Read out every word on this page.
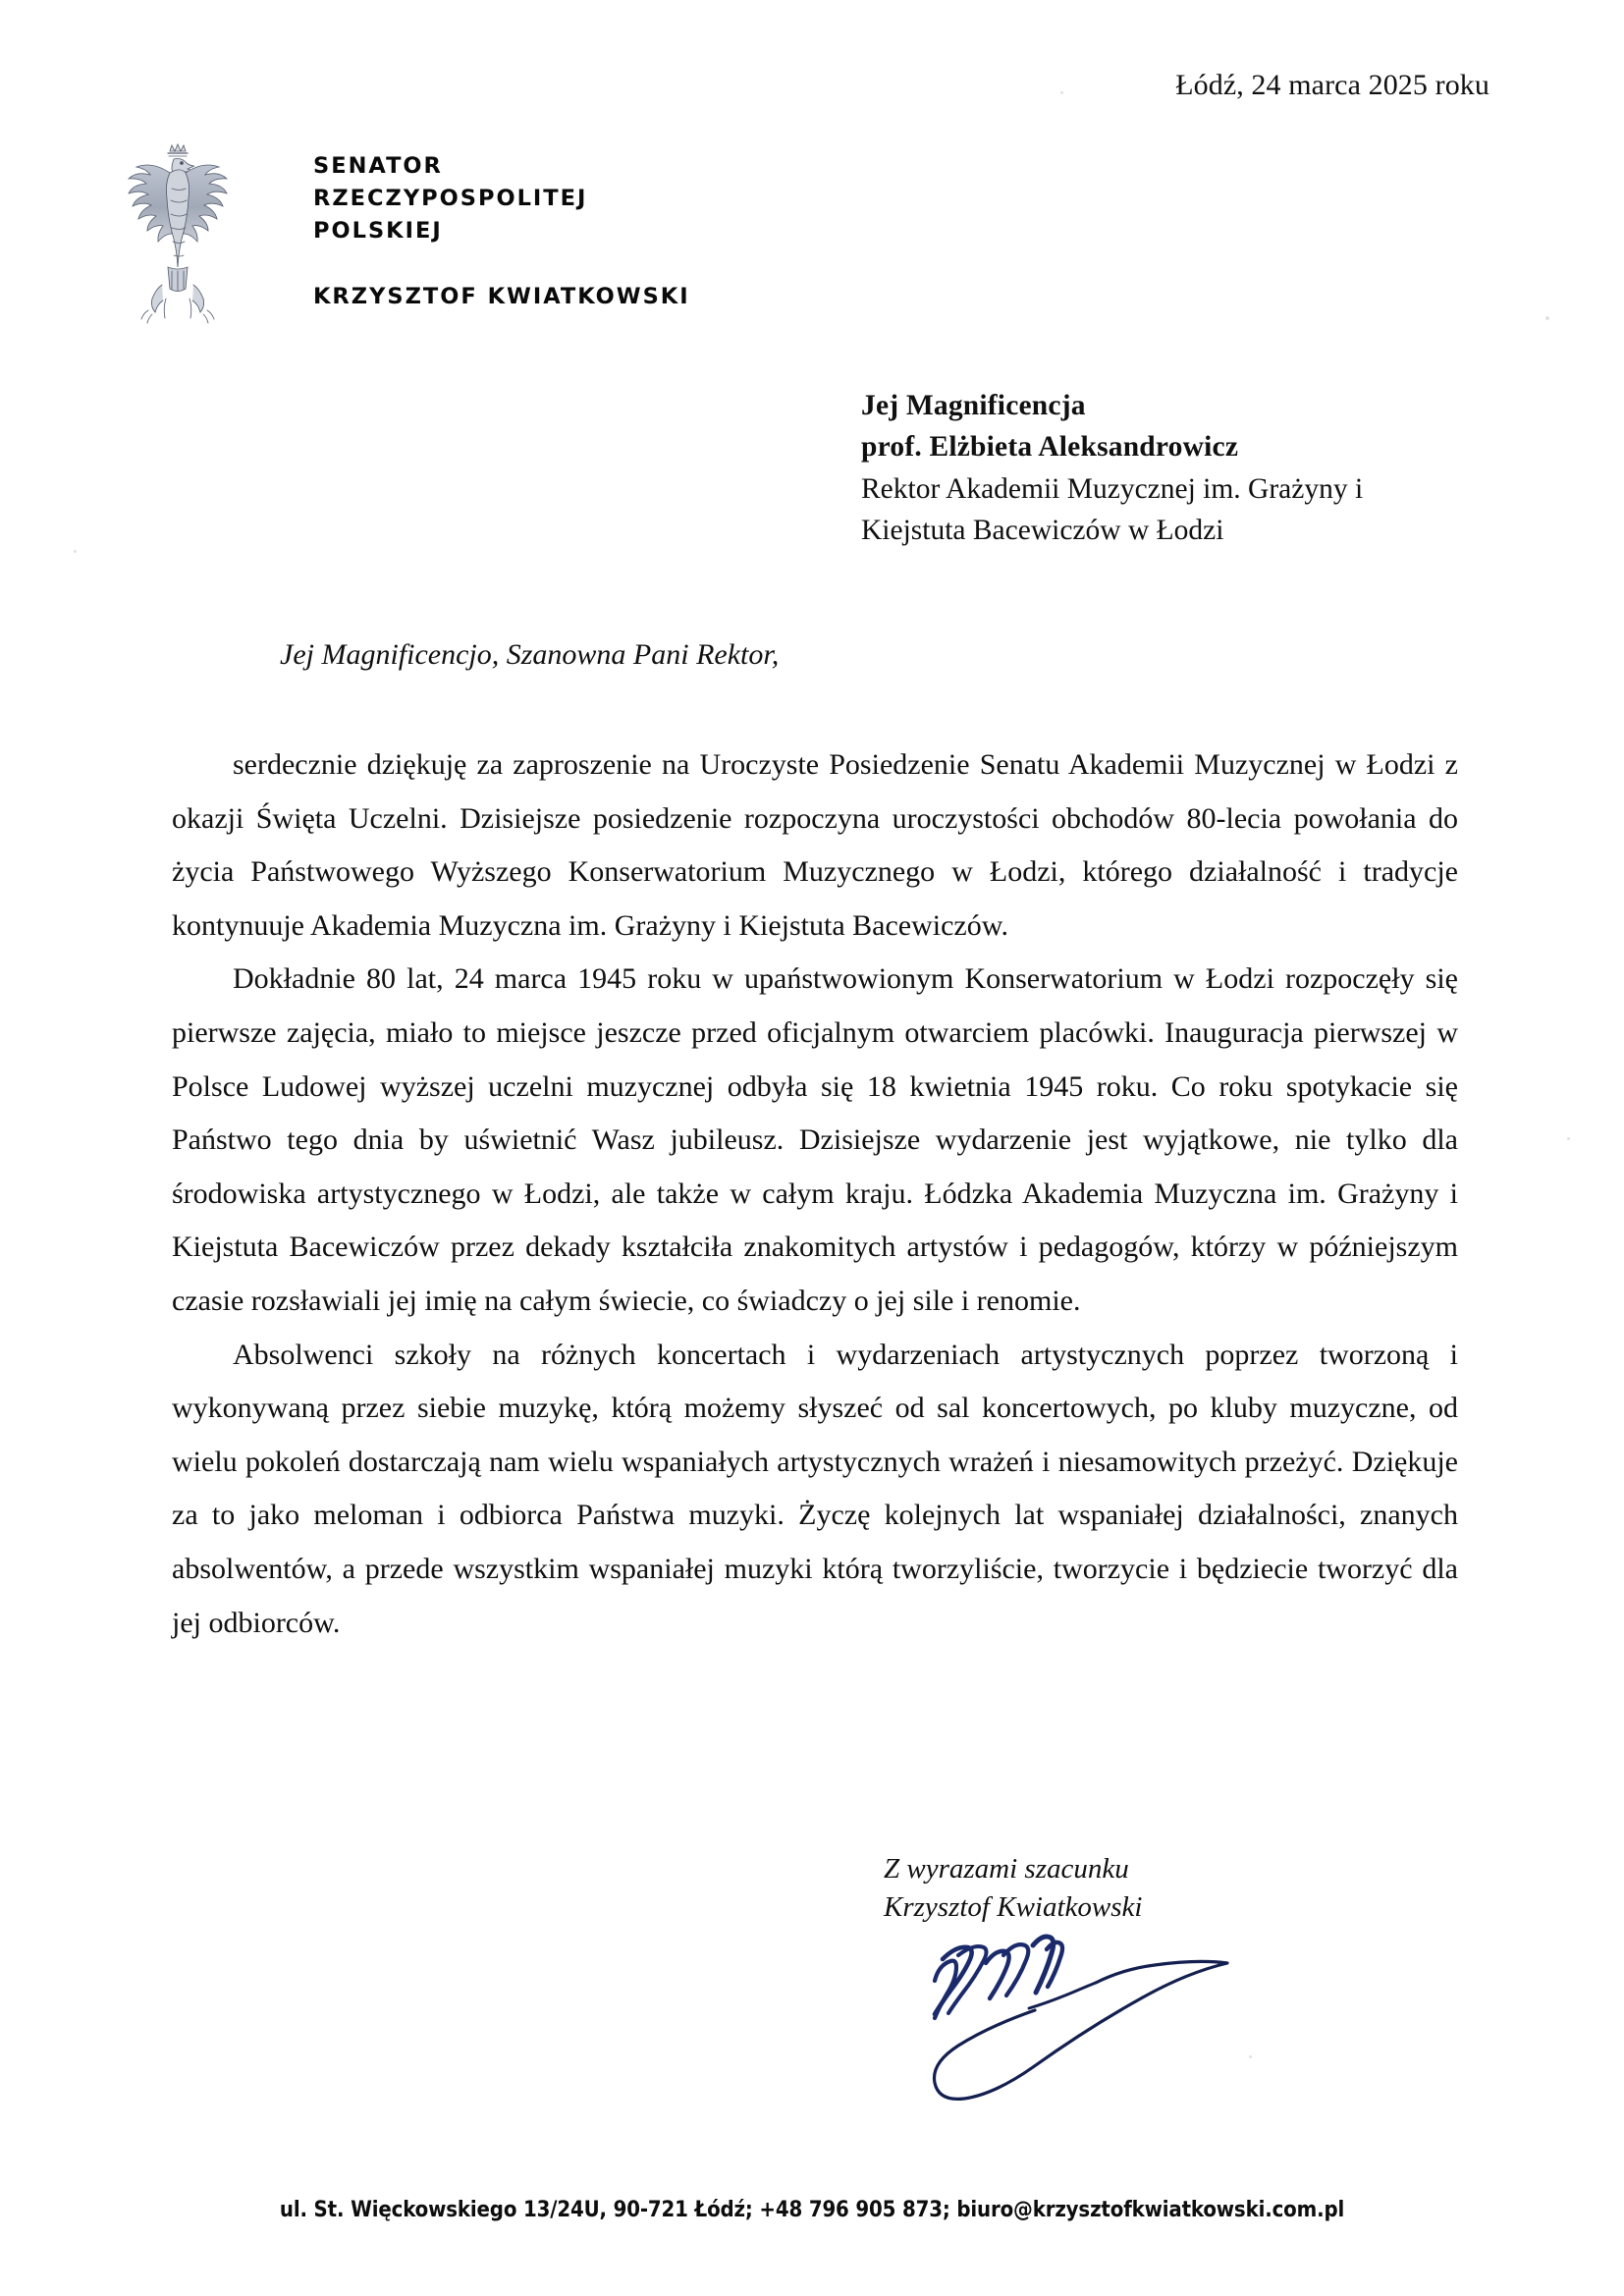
Łódź, 24 marca 2025 roku
SENATOR
RZECZYPOSPOLITEJ
POLSKIEJ
KRZYSZTOF KWIATKOWSKI
Jej Magnificencja
prof. Elżbieta Aleksandrowicz
Rektor Akademii Muzycznej im. Grażyny i
Kiejstuta Bacewiczów w Łodzi
Jej Magnificencjo, Szanowna Pani Rektor,

serdecznie dziękuję za zaproszenie na Uroczyste Posiedzenie Senatu Akademii Muzycznej w Łodzi z okazji Święta Uczelni. Dzisiejsze posiedzenie rozpoczyna uroczystości obchodów 80-lecia powołania do życia Państwowego Wyższego Konserwatorium Muzycznego w Łodzi, którego działalność i tradycje kontynuuje Akademia Muzyczna im. Grażyny i Kiejstuta Bacewiczów.

Dokładnie 80 lat, 24 marca 1945 roku w upaństwowionym Konserwatorium w Łodzi rozpoczęły się pierwsze zajęcia, miało to miejsce jeszcze przed oficjalnym otwarciem placówki. Inauguracja pierwszej w Polsce Ludowej wyższej uczelni muzycznej odbyła się 18 kwietnia 1945 roku. Co roku spotykacie się Państwo tego dnia by uświetnić Wasz jubileusz. Dzisiejsze wydarzenie jest wyjątkowe, nie tylko dla środowiska artystycznego w Łodzi, ale także w całym kraju. Łódzka Akademia Muzyczna im. Grażyny i Kiejstuta Bacewiczów przez dekady kształciła znakomitych artystów i pedagogów, którzy w późniejszym czasie rozsławiali jej imię na całym świecie, co świadczy o jej sile i renomie.

Absolwenci szkoły na różnych koncertach i wydarzeniach artystycznych poprzez tworzoną i wykonywaną przez siebie muzykę, którą możemy słyszeć od sal koncertowych, po kluby muzyczne, od wielu pokoleń dostarczają nam wielu wspaniałych artystycznych wrażeń i niesamowitych przeżyć. Dziękuje za to jako meloman i odbiorca Państwa muzyki. Życzę kolejnych lat wspaniałej działalności, znanych absolwentów, a przede wszystkim wspaniałej muzyki którą tworzyliście, tworzycie i będziecie tworzyć dla jej odbiorców.

Z wyrazami szacunku
Krzysztof Kwiatkowski
ul. St. Więckowskiego 13/24U, 90-721 Łódź; +48 796 905 873; biuro@krzysztofkwiatkowski.com.pl
